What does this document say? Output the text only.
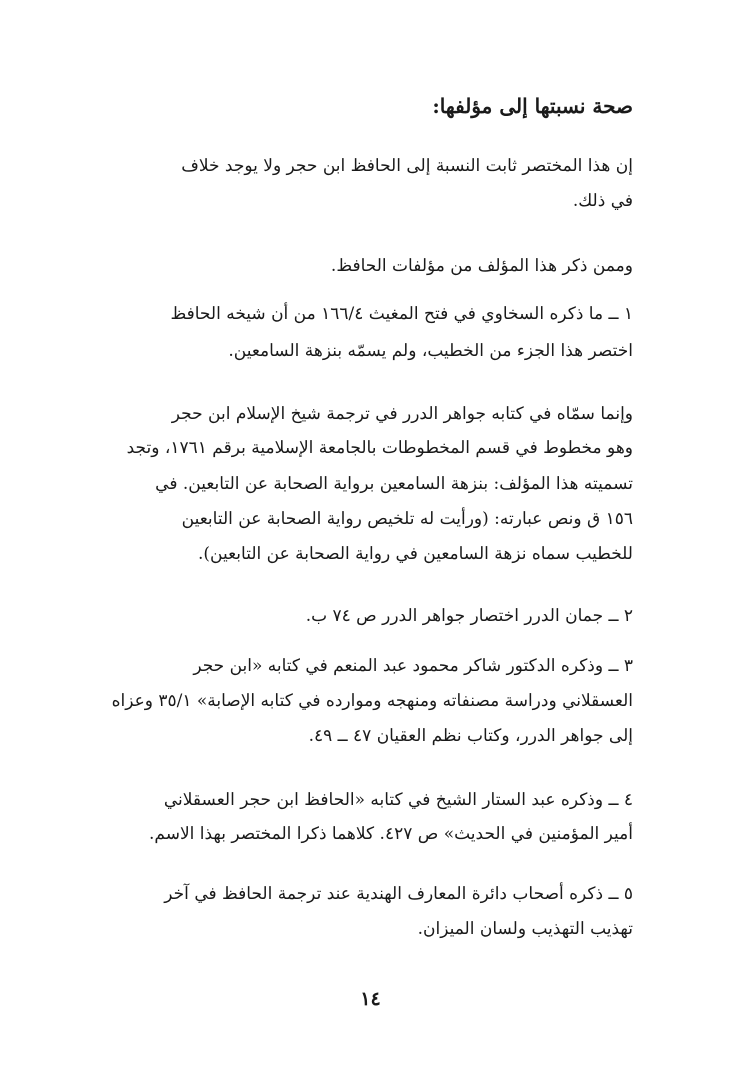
صحة نسبتها إلى مؤلفها:
إن هذا المختصر ثابت النسبة إلى الحافظ ابن حجر ولا يوجد خلاف
في ذلك.
وممن ذكر هذا المؤلف من مؤلفات الحافظ.
١ ــ ما ذكره السخاوي في فتح المغيث ١٦٦/٤ من أن شيخه الحافظ
اختصر هذا الجزء من الخطيب، ولم يسمّه بنزهة السامعين.
وإنما سمّاه في كتابه جواهر الدرر في ترجمة شيخ الإسلام ابن حجر
وهو مخطوط في قسم المخطوطات بالجامعة الإسلامية برقم ١٧٦١، وتجد
تسميته هذا المؤلف: بنزهة السامعين برواية الصحابة عن التابعين. في
١٥٦ ق ونص عبارته: (ورأيت له تلخيص رواية الصحابة عن التابعين
للخطيب سماه نزهة السامعين في رواية الصحابة عن التابعين).
٢ ــ جمان الدرر اختصار جواهر الدرر ص ٧٤ ب.
٣ ــ وذكره الدكتور شاكر محمود عبد المنعم في كتابه «ابن حجر
العسقلاني ودراسة مصنفاته ومنهجه وموارده في كتابه الإصابة» ٣٥/١ وعزاه
إلى جواهر الدرر، وكتاب نظم العقيان ٤٧ ــ ٤٩.
٤ ــ وذكره عبد الستار الشيخ في كتابه «الحافظ ابن حجر العسقلاني
أمير المؤمنين في الحديث» ص ٤٢٧. كلاهما ذكرا المختصر بهذا الاسم.
٥ ــ ذكره أصحاب دائرة المعارف الهندية عند ترجمة الحافظ في آخر
تهذيب التهذيب ولسان الميزان.
١٤
